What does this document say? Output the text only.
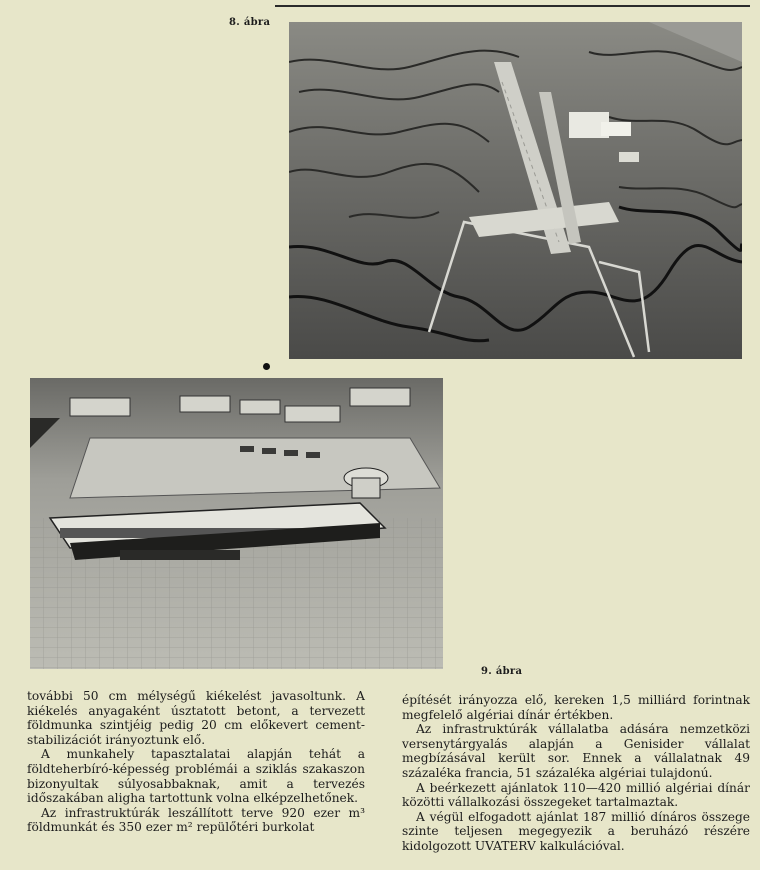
8. ábra
9. ábra

további 50 cm mélységű kiékelést javasoltunk. A kiékelés anyagaként úsztatott betont, a tervezett földmunka szintjéig pedig 20 cm előkevert cement-stabilizációt irányoztunk elő.

A munkahely tapasztalatai alapján tehát a földteherbíró-képesség problémái a sziklás szakaszon bizonyultak súlyosabbaknak, amit a tervezés időszakában aligha tartottunk volna elképzelhetőnek.

Az infrastruktúrák leszállított terve 920 ezer m³ földmunkát és 350 ezer m² repülőtéri burkolat

építését irányozza elő, kereken 1,5 milliárd forintnak megfelelő algériai dínár értékben.

Az infrastruktúrák vállalatba adására nemzetközi versenytárgyalás alapján a Genisider vállalat megbízásával került sor. Ennek a vállalatnak 49 százaléka francia, 51 százaléka algériai tulajdonú.

A beérkezett ajánlatok 110—420 millió algériai dínár közötti vállalkozási összegeket tartalmaztak.

A végül elfogadott ajánlat 187 millió dínáros összege szinte teljesen megegyezik a beruházó részére kidolgozott UVATERV kalkulációval.
